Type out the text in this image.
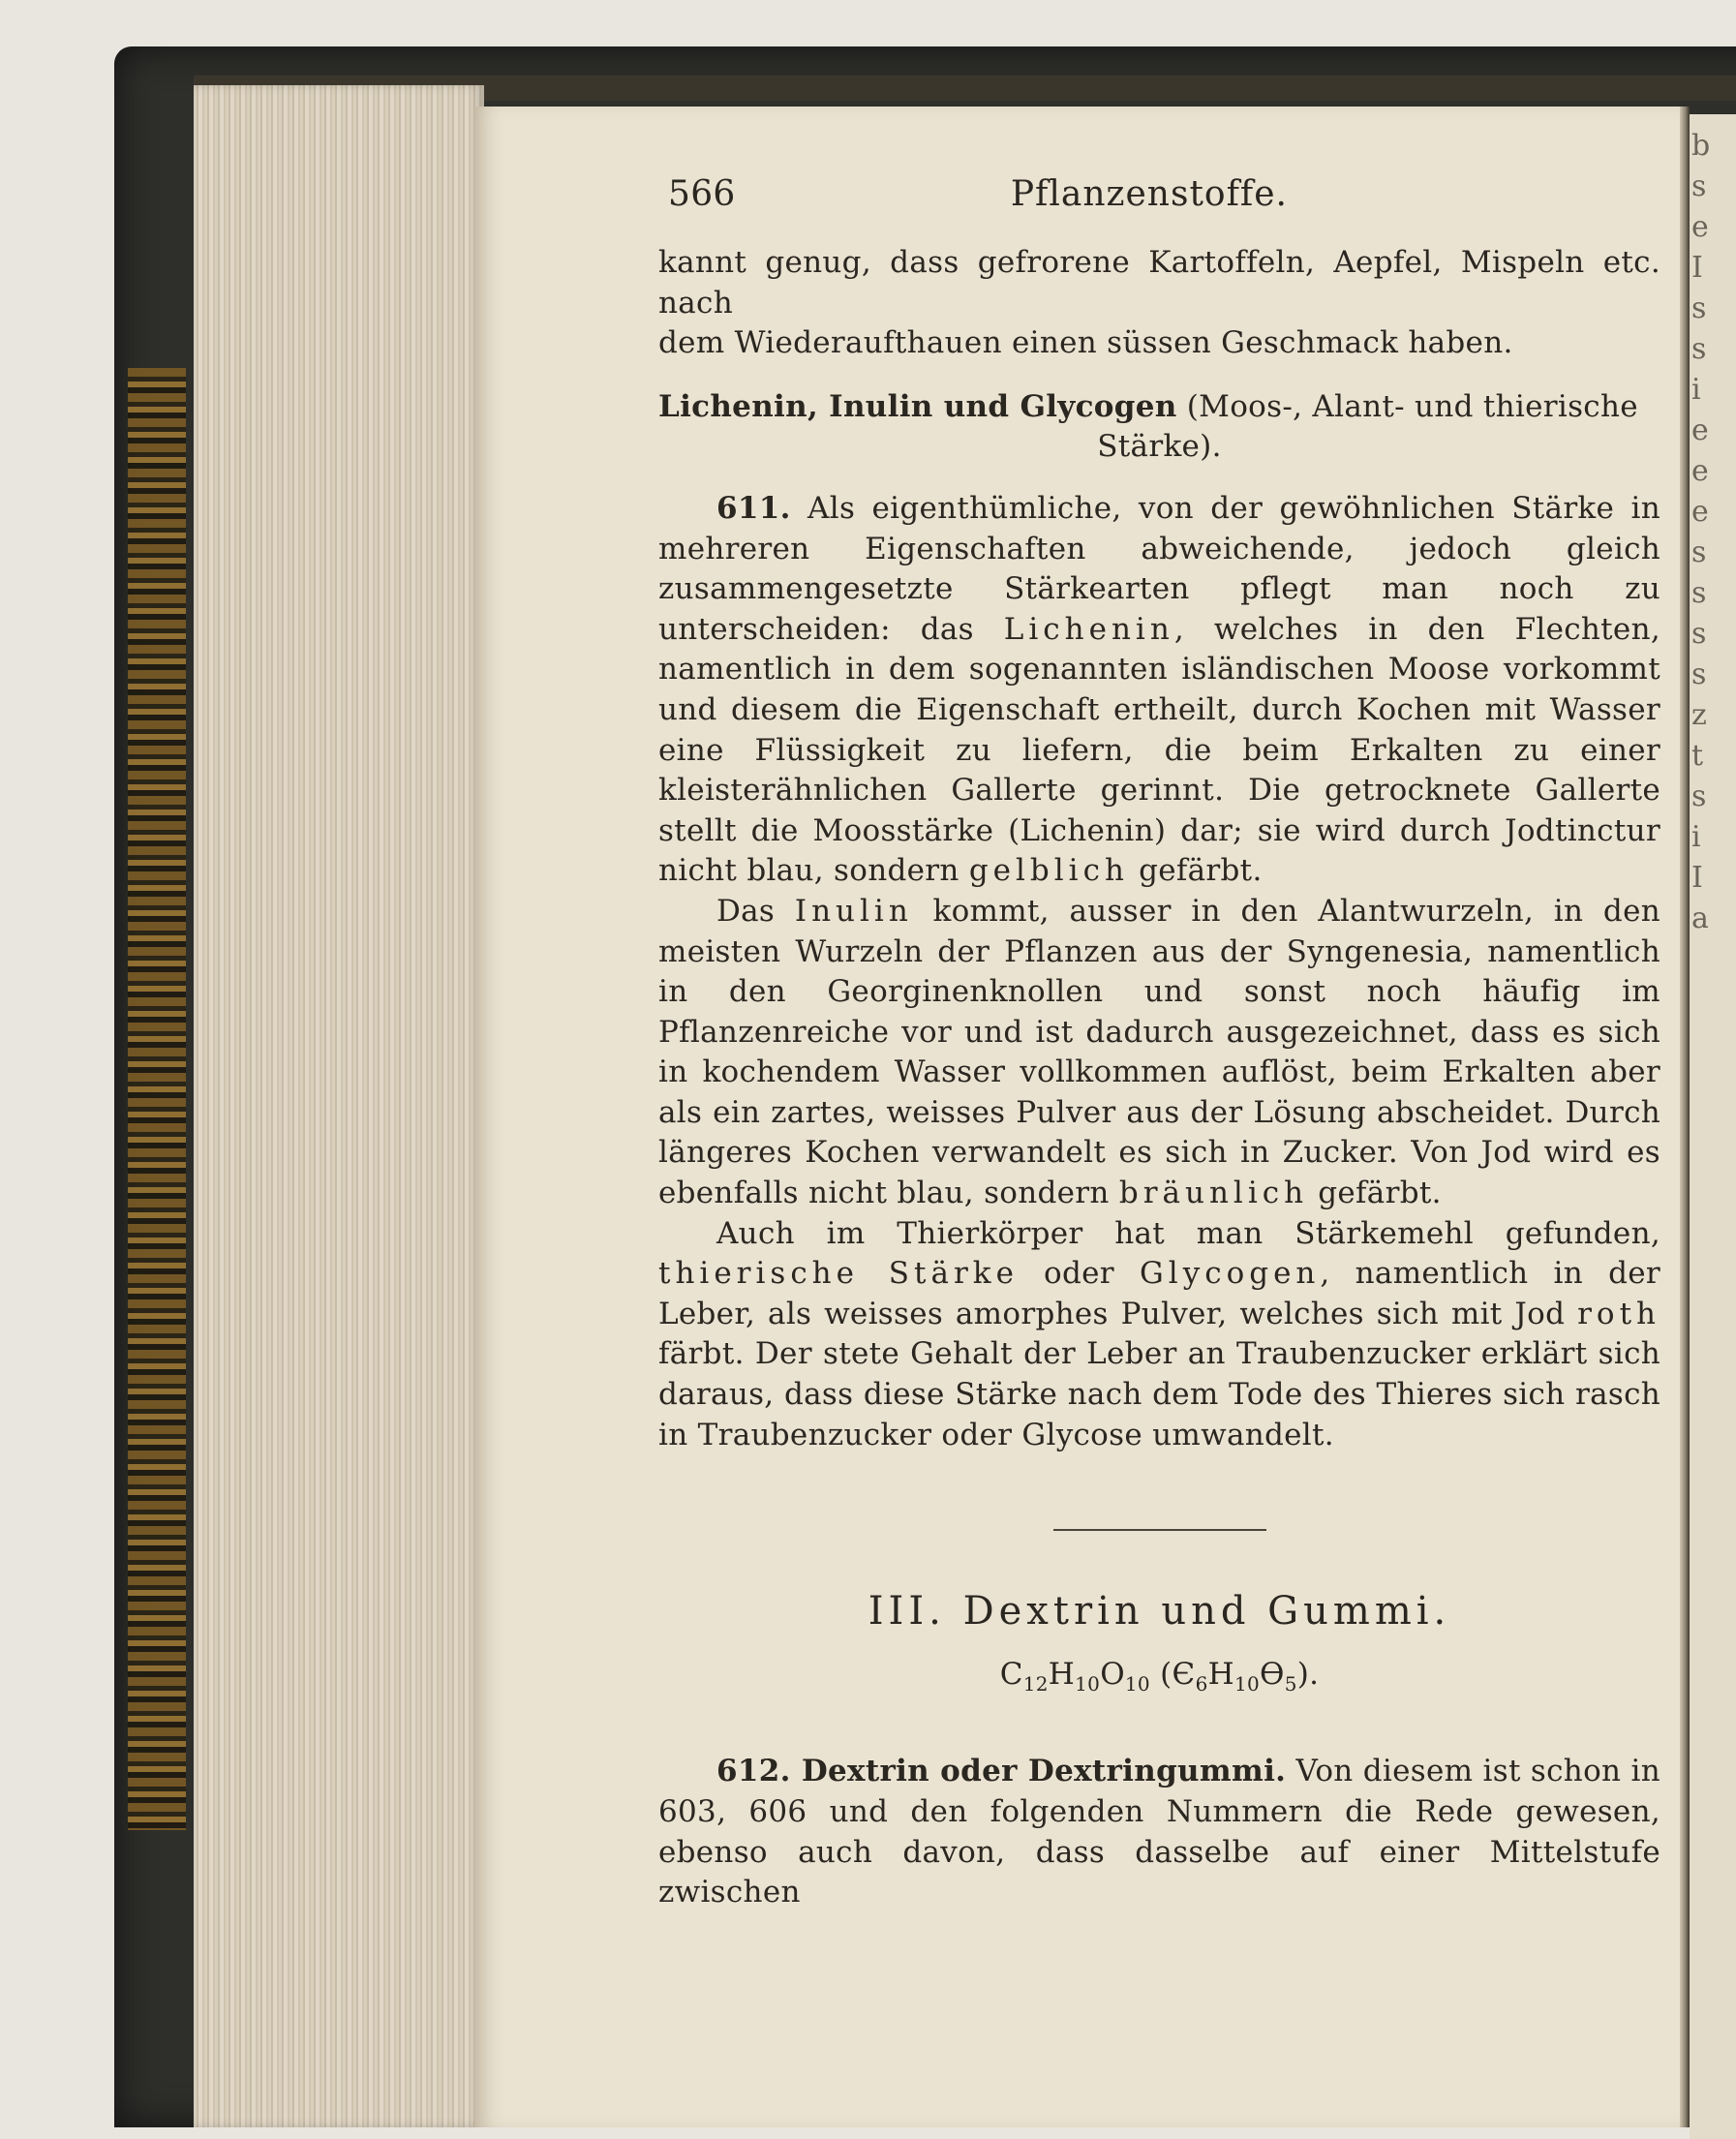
b
s
e
I
s
s
i
e
e
e
s
s
s
s
z
t
s
i
I
a
566	Pflanzenstoffe.

kannt genug, dass gefrorene Kartoffeln, Aepfel, Mispeln etc. nach

dem Wiederaufthauen einen süssen Geschmack haben.

Lichenin, Inulin und Glycogen (Moos-, Alant- und thierische
Stärke).

611. Als eigenthümliche, von der gewöhnlichen Stärke in mehreren Eigenschaften abweichende, jedoch gleich zusammengesetzte Stärkearten pflegt man noch zu unterscheiden: das Lichenin, welches in den Flechten, namentlich in dem sogenannten isländischen Moose vorkommt und diesem die Eigenschaft ertheilt, durch Kochen mit Wasser eine Flüssigkeit zu liefern, die beim Erkalten zu einer kleisterähnlichen Gallerte gerinnt. Die getrocknete Gallerte stellt die Moosstärke (Lichenin) dar; sie wird durch Jodtinctur nicht blau, sondern gelblich gefärbt.

Das Inulin kommt, ausser in den Alantwurzeln, in den meisten Wurzeln der Pflanzen aus der Syngenesia, namentlich in den Georginenknollen und sonst noch häufig im Pflanzenreiche vor und ist dadurch ausgezeichnet, dass es sich in kochendem Wasser vollkommen auflöst, beim Erkalten aber als ein zartes, weisses Pulver aus der Lösung abscheidet. Durch längeres Kochen verwandelt es sich in Zucker. Von Jod wird es ebenfalls nicht blau, sondern bräunlich gefärbt.

Auch im Thierkörper hat man Stärkemehl gefunden, thierische Stärke oder Glycogen, namentlich in der Leber, als weisses amorphes Pulver, welches sich mit Jod roth färbt. Der stete Gehalt der Leber an Traubenzucker erklärt sich daraus, dass diese Stärke nach dem Tode des Thieres sich rasch in Traubenzucker oder Glycose umwandelt.

III. Dextrin und Gummi.
$C_{12}H_{10}O_{10}$ $(Є_6H_{10}Ѳ_5)$.

612. Dextrin oder Dextringummi. Von diesem ist schon in 603, 606 und den folgenden Nummern die Rede gewesen, ebenso auch davon, dass dasselbe auf einer Mittelstufe zwischen
